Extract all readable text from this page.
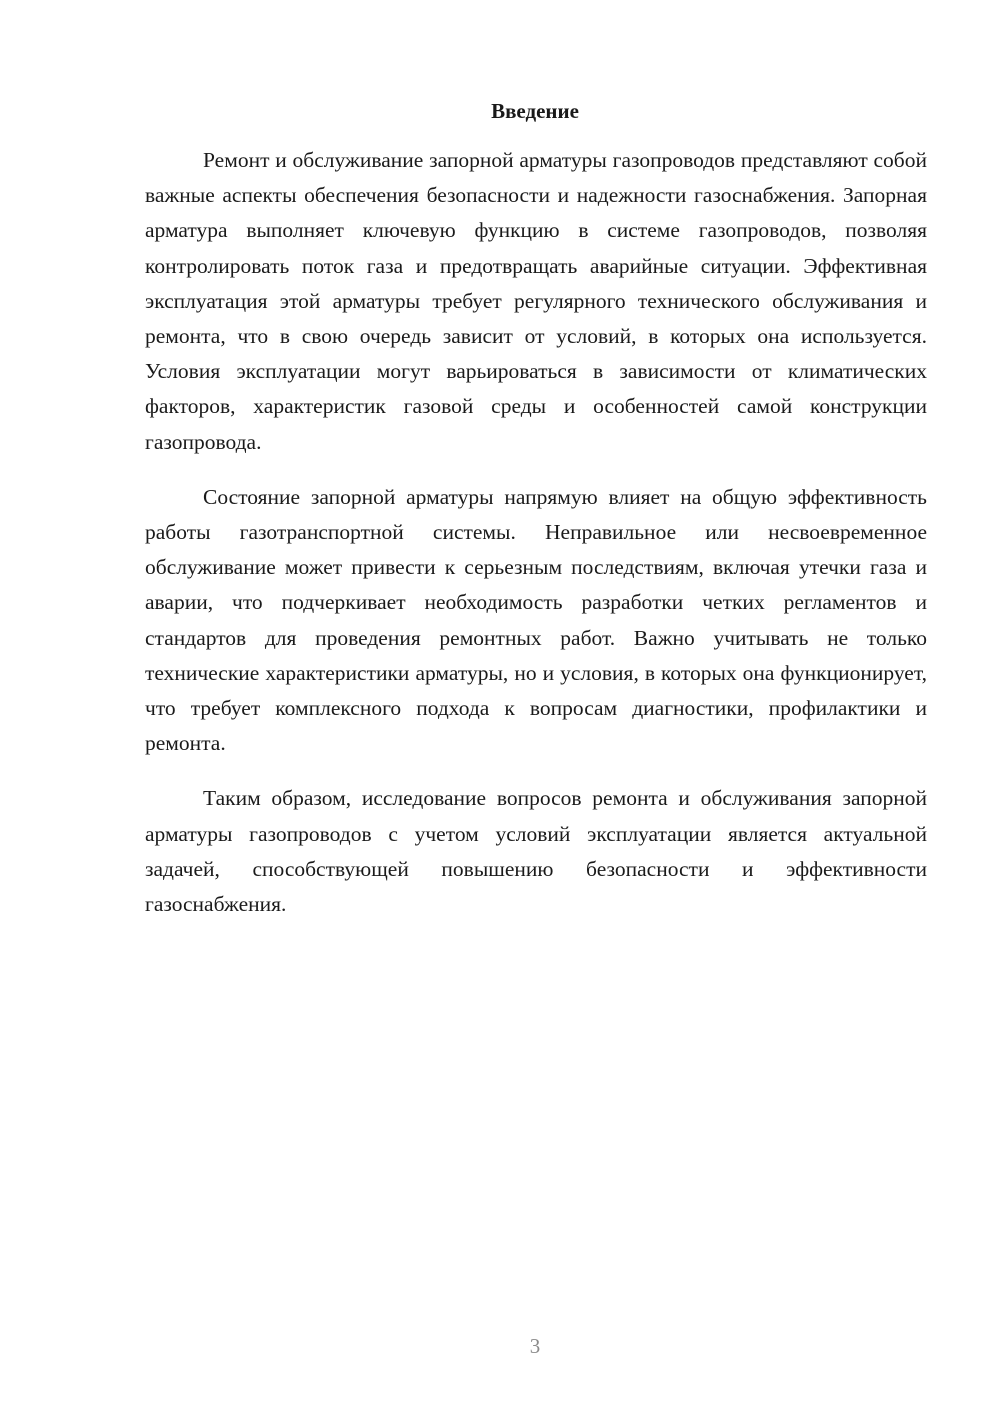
Введение

Ремонт и обслуживание запорной арматуры газопроводов представляют собой важные аспекты обеспечения безопасности и надежности газоснабжения. Запорная арматура выполняет ключевую функцию в системе газопроводов, позволяя контролировать поток газа и предотвращать аварийные ситуации. Эффективная эксплуатация этой арматуры требует регулярного технического обслуживания и ремонта, что в свою очередь зависит от условий, в которых она используется. Условия эксплуатации могут варьироваться в зависимости от климатических факторов, характеристик газовой среды и особенностей самой конструкции газопровода.

Состояние запорной арматуры напрямую влияет на общую эффективность работы газотранспортной системы. Неправильное или несвоевременное обслуживание может привести к серьезным последствиям, включая утечки газа и аварии, что подчеркивает необходимость разработки четких регламентов и стандартов для проведения ремонтных работ. Важно учитывать не только технические характеристики арматуры, но и условия, в которых она функционирует, что требует комплексного подхода к вопросам диагностики, профилактики и ремонта.

Таким образом, исследование вопросов ремонта и обслуживания запорной арматуры газопроводов с учетом условий эксплуатации является актуальной задачей, способствующей повышению безопасности и эффективности газоснабжения.

3
